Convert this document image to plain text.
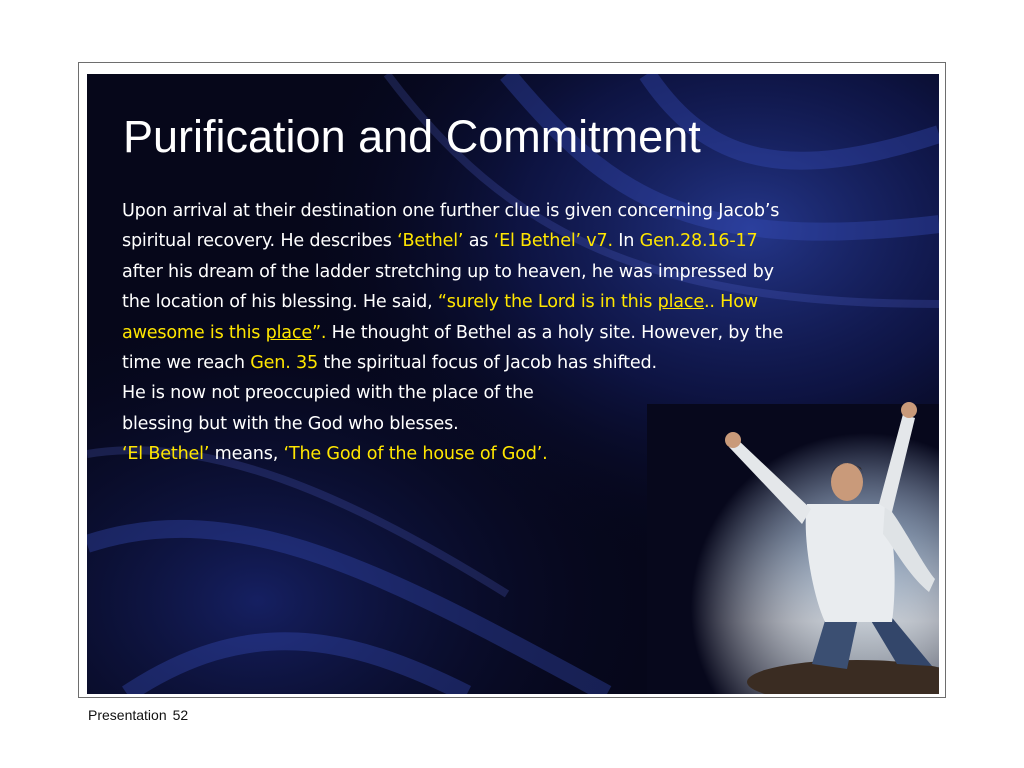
Purification and Commitment

Upon arrival at their destination one further clue is given concerning Jacob’s

spiritual recovery. He describes ‘Bethel’ as ‘El Bethel’ v7. In Gen.28.16-17

after his dream of the ladder stretching up to heaven, he was impressed by

the location of his blessing. He said, “surely the Lord is in this place.. How

awesome is this place”. He thought of Bethel as a holy site. However, by the

time we reach Gen. 35 the spiritual focus of Jacob has shifted.

He is now not preoccupied with the place of the

blessing but with the God who blesses.

‘El Bethel’ means, ‘The God of the house of God’.

Presentation 52
